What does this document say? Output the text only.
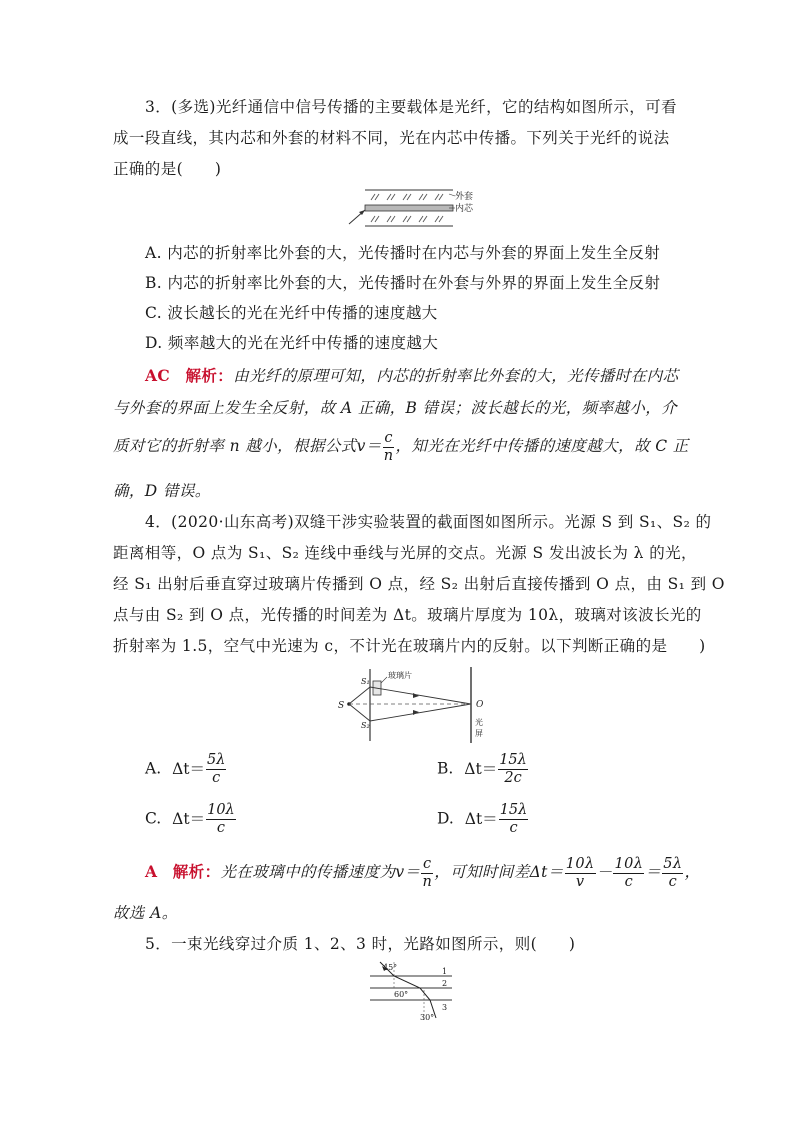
3．(多选)光纤通信中信号传播的主要载体是光纤，它的结构如图所示，可看
成一段直线，其内芯和外套的材料不同，光在内芯中传播。下列关于光纤的说法
正确的是(　　)
外套
内芯
A. 内芯的折射率比外套的大，光传播时在内芯与外套的界面上发生全反射
B. 内芯的折射率比外套的大，光传播时在外套与外界的界面上发生全反射
C. 波长越长的光在光纤中传播的速度越大
D. 频率越大的光在光纤中传播的速度越大
AC 解析：由光纤的原理可知，内芯的折射率比外套的大，光传播时在内芯
与外套的界面上发生全反射，故 A 正确，B 错误；波长越长的光，频率越小，介
质对它的折射率 n 越小，根据公式$v= \frac{c}{n}$ ，知光在光纤中传播的速度越大，故 C 正
确，D 错误。
4．(2020·山东高考)双缝干涉实验装置的截面图如图所示。光源 S 到 S₁、S₂ 的
距离相等，O 点为 S₁、S₂ 连线中垂线与光屏的交点。光源 S 发出波长为 λ 的光，
经 S₁ 出射后垂直穿过玻璃片传播到 O 点，经 S₂ 出射后直接传播到 O 点，由 S₁ 到 O
点与由 S₂ 到 O 点，光传播的时间差为 Δt。玻璃片厚度为 10λ，玻璃对该波长光的
折射率为 1.5，空气中光速为 c，不计光在玻璃片内的反射。以下判断正确的是　　)
S
S₁
S₂
玻璃片
O
光
屏
A. $\Delta t= \frac{5\lambda}{c}$	B. $\Delta t= \frac{15\lambda}{2c}$
C. $\Delta t= \frac{10\lambda}{c}$	D. $\Delta t= \frac{15\lambda}{c}$
A 解析：光在玻璃中的传播速度为$v= \frac{c}{n}$ ，可知时间差$\Delta t= \frac{10\lambda}{v} - \frac{10\lambda}{c} = \frac{5\lambda}{c}$ ，
故选 A。
5．一束光线穿过介质 1、2、3 时，光路如图所示，则(　　)
45°
60°
30°
1
2
3
